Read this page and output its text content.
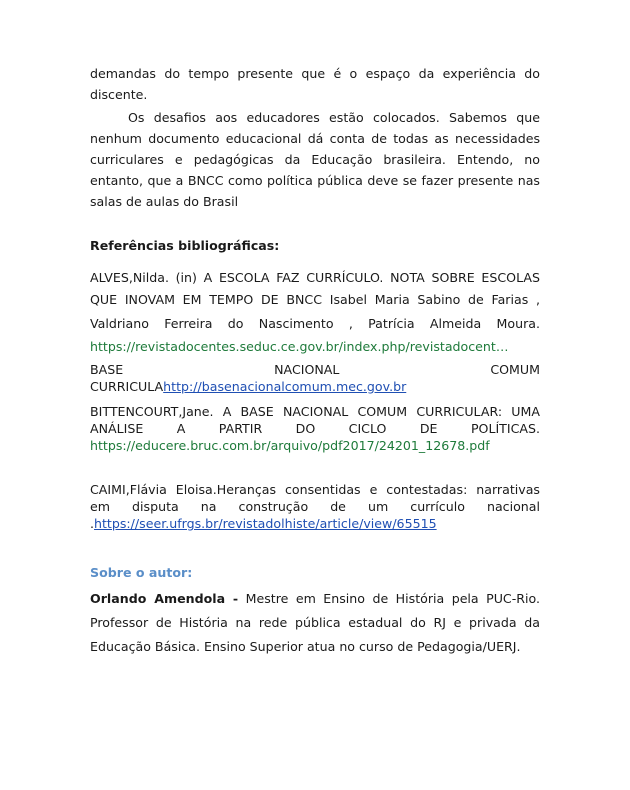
demandas do tempo presente que é o espaço da experiência do

discente.

Os desafios aos educadores estão colocados. Sabemos que

nenhum documento educacional dá conta de todas as necessidades

curriculares e pedagógicas da Educação brasileira. Entendo, no

entanto, que a BNCC como política pública deve se fazer presente nas

salas de aulas do Brasil

Referências bibliográficas:

ALVES,Nilda. (in) A ESCOLA FAZ CURRÍCULO. NOTA SOBRE ESCOLAS

QUE INOVAM EM TEMPO DE BNCC Isabel Maria Sabino de Farias ,

Valdriano Ferreira do Nascimento , Patrícia Almeida Moura.

https://revistadocentes.seduc.ce.gov.br/index.php/revistadocent…

BASE NACIONAL COMUM

CURRICULAhttp://basenacionalcomum.mec.gov.br

BITTENCOURT,Jane. A BASE NACIONAL COMUM CURRICULAR: UMA

ANÁLISE A PARTIR DO CICLO DE POLÍTICAS.

https://educere.bruc.com.br/arquivo/pdf2017/24201_12678.pdf

CAIMI,Flávia Eloisa.Heranças consentidas e contestadas: narrativas

em disputa na construção de um currículo nacional

.https://seer.ufrgs.br/revistadolhiste/article/view/65515

Sobre o autor:

Orlando Amendola - Mestre em Ensino de História pela PUC-Rio.

Professor de História na rede pública estadual do RJ e privada da

Educação Básica. Ensino Superior atua no curso de Pedagogia/UERJ.
